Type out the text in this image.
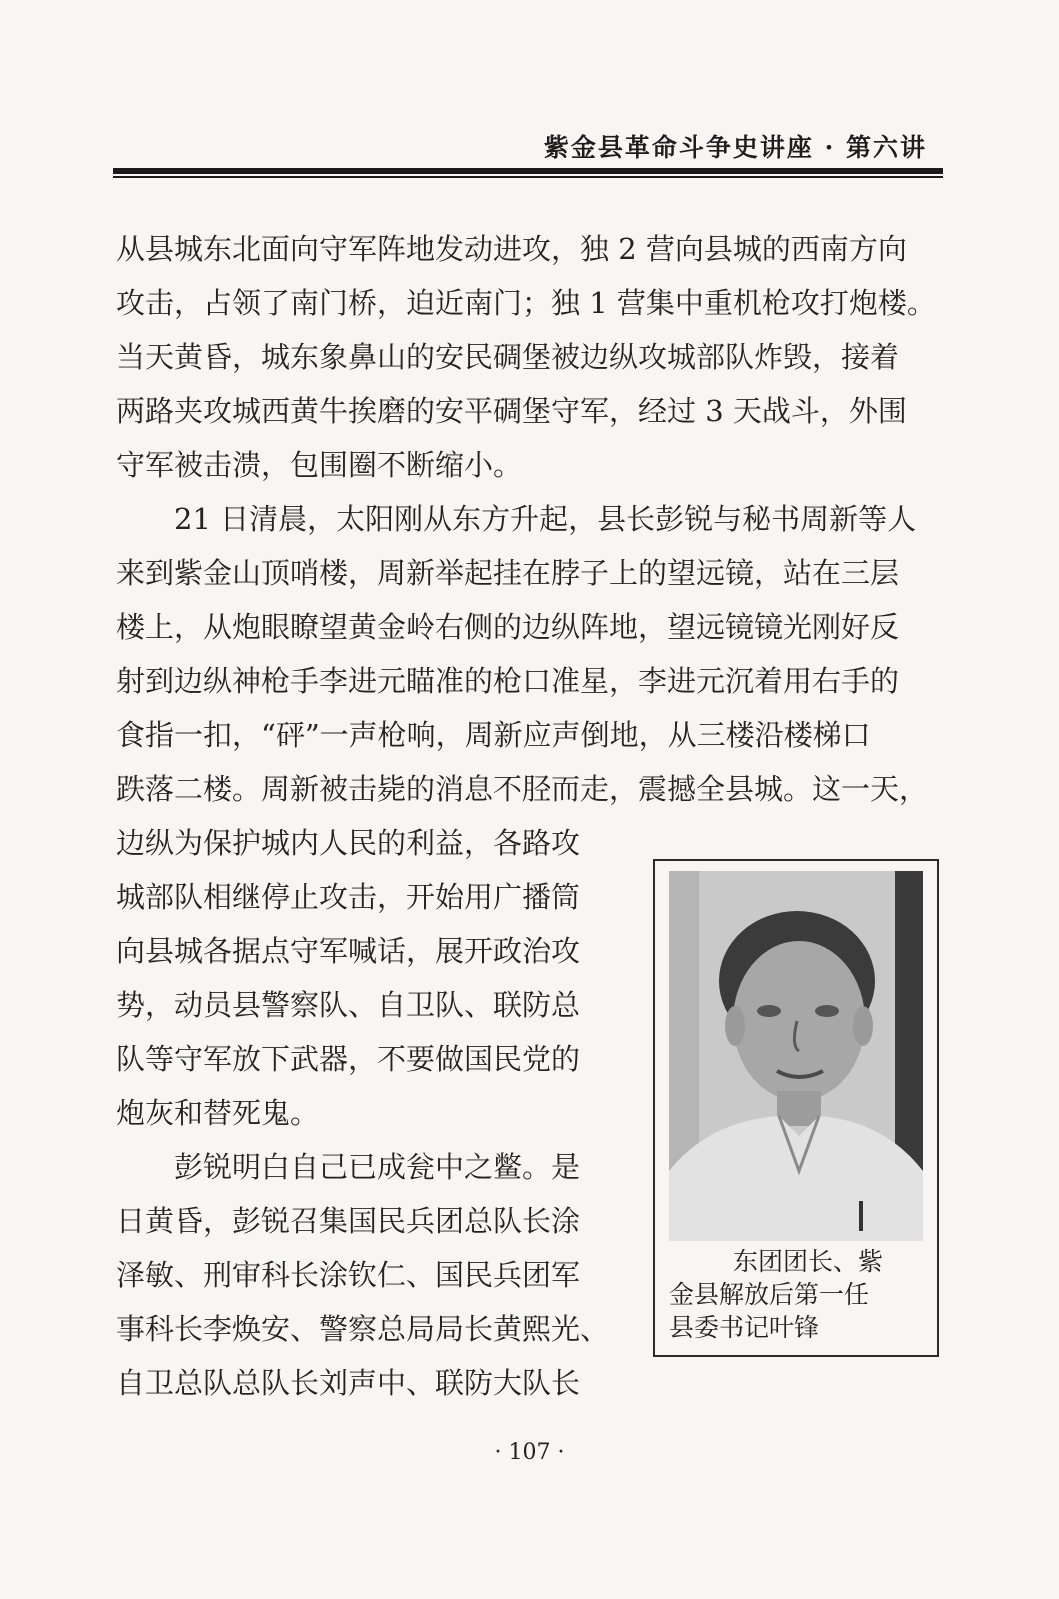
紫金县革命斗争史讲座 · 第六讲
从县城东北面向守军阵地发动进攻，独 2 营向县城的西南方向
攻击，占领了南门桥，迫近南门；独 1 营集中重机枪攻打炮楼。
当天黄昏，城东象鼻山的安民碉堡被边纵攻城部队炸毁，接着
两路夹攻城西黄牛挨磨的安平碉堡守军，经过 3 天战斗，外围
守军被击溃，包围圈不断缩小。
21 日清晨，太阳刚从东方升起，县长彭锐与秘书周新等人
来到紫金山顶哨楼，周新举起挂在脖子上的望远镜，站在三层
楼上，从炮眼瞭望黄金岭右侧的边纵阵地，望远镜镜光刚好反
射到边纵神枪手李进元瞄准的枪口准星，李进元沉着用右手的
食指一扣，“砰”一声枪响，周新应声倒地，从三楼沿楼梯口
跌落二楼。周新被击毙的消息不胫而走，震撼全县城。这一天，
边纵为保护城内人民的利益，各路攻
城部队相继停止攻击，开始用广播筒
向县城各据点守军喊话，展开政治攻
势，动员县警察队、自卫队、联防总
队等守军放下武器，不要做国民党的
炮灰和替死鬼。
彭锐明白自己已成瓮中之鳖。是
日黄昏，彭锐召集国民兵团总队长涂
泽敏、刑审科长涂钦仁、国民兵团军
事科长李焕安、警察总局局长黄熙光、
自卫总队总队长刘声中、联防大队长
东团团长、紫
金县解放后第一任
县委书记叶锋
· 107 ·
